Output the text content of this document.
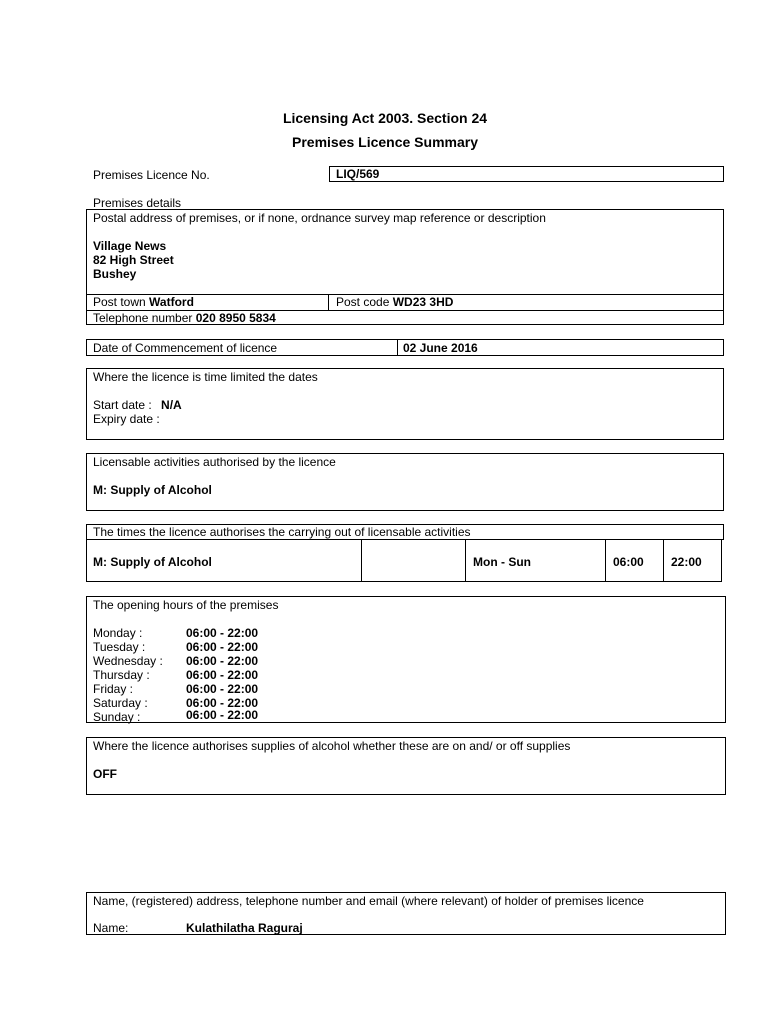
Licensing Act 2003. Section 24
Premises Licence Summary
Premises Licence No.	LIQ/569
Premises details
Postal address of premises, or if none, ordnance survey map reference or description
Village News
82 High Street
Bushey
Post town Watford	Post code WD23 3HD
Telephone number 020 8950 5834
Date of Commencement of licence	02 June 2016
Where the licence is time limited the dates
Start date : N/A
Expiry date :
Licensable activities authorised by the licence
M: Supply of Alcohol
The times the licence authorises the carrying out of licensable activities
M: Supply of Alcohol	Mon - Sun	06:00 22:00
The opening hours of the premises
Monday :	06:00 - 22:00
Tuesday :	06:00 - 22:00
Wednesday : 06:00 - 22:00
Thursday :	06:00 - 22:00
Friday :	06:00 - 22:00
Saturday :	06:00 - 22:00
Sunday :	06:00 - 22:00
Where the licence authorises supplies of alcohol whether these are on and/ or off supplies
OFF
Name, (registered) address, telephone number and email (where relevant) of holder of premises licence
Name:	Kulathilatha Raguraj
